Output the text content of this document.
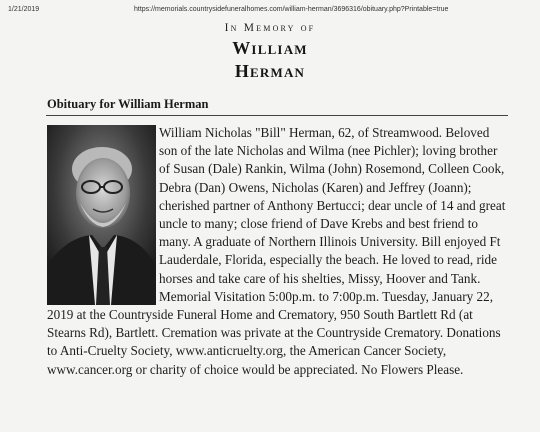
1/21/2019	https://memorials.countrysidefuneralhomes.com/william-herman/3696316/obituary.php?Printable=true
In Memory of
William
Herman
Obituary for William Herman

William Nicholas "Bill" Herman, 62, of Streamwood. Beloved son of the late Nicholas and Wilma (nee Pichler); loving brother of Susan (Dale) Rankin, Wilma (John) Rosemond, Colleen Cook, Debra (Dan) Owens, Nicholas (Karen) and Jeffrey (Joann); cherished partner of Anthony Bertucci; dear uncle of 14 and great uncle to many; close friend of Dave Krebs and best friend to many. A graduate of Northern Illinois University. Bill enjoyed Ft Lauderdale, Florida, especially the beach. He loved to read, ride horses and take care of his shelties, Missy, Hoover and Tank. Memorial Visitation 5:00p.m. to 7:00p.m. Tuesday, January 22, 2019 at the Countryside Funeral Home and Crematory, 950 South Bartlett Rd (at Stearns Rd), Bartlett. Cremation was private at the Countryside Crematory. Donations to Anti-Cruelty Society, www.anticruelty.org, the American Cancer Society, www.cancer.org or charity of choice would be appreciated. No Flowers Please.
